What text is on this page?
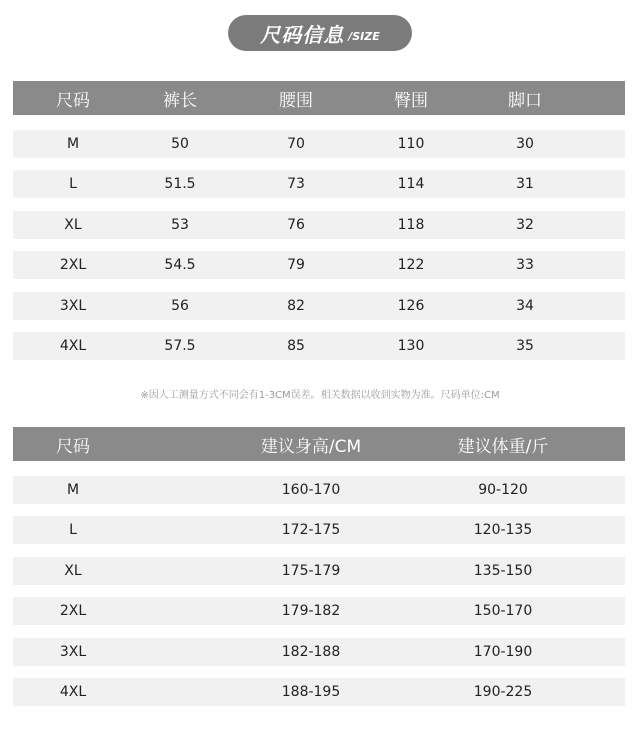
尺码信息 /SIZE
尺码	裤长	腰围	臀围	脚口
M	50	70	110	30
L	51.5	73	114	31
XL	53	76	118	32
2XL	54.5	79	122	33
3XL	56	82	126	34
4XL	57.5	85	130	35
※因人工测量方式不同会有1-3CM误差。相关数据以收到实物为准。尺码单位:CM
尺码	建议身高/CM	建议体重/斤
M	160-170	90-120
L	172-175	120-135
XL	175-179	135-150
2XL	179-182	150-170
3XL	182-188	170-190
4XL	188-195	190-225
